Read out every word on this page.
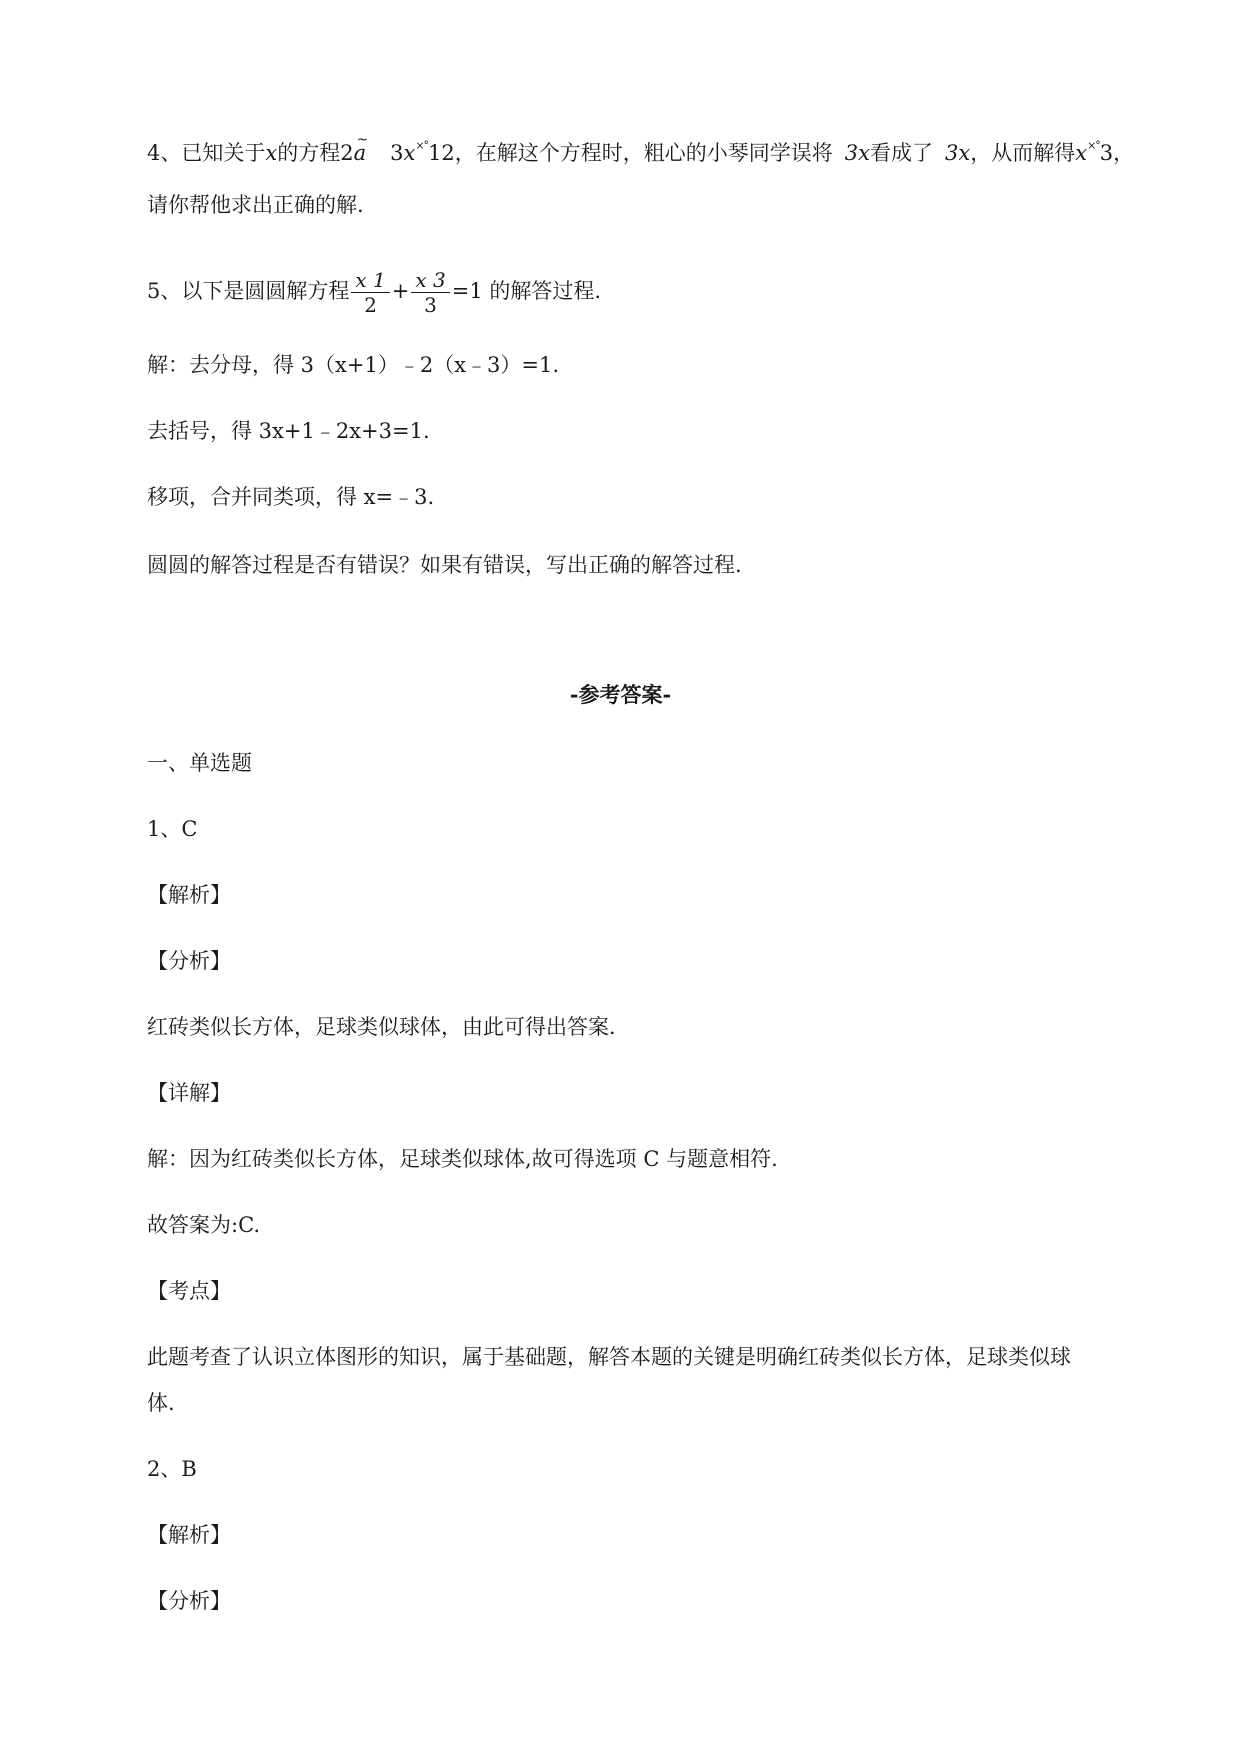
4、已知关于x的方程2~ a 3x×°12，在解这个方程时，粗心的小琴同学误将 3x看成了 3x，从而解得x×°3，
请你帮他求出正确的解.
5、以下是圆圆解方程 $\frac{x 1}{2} + \frac{x 3}{3} =1$ 的解答过程.
解：去分母，得 3（x+1）﹣2（x﹣3）=1.
去括号，得 3x+1﹣2x+3=1.
移项，合并同类项，得 x=﹣3.
圆圆的解答过程是否有错误？如果有错误，写出正确的解答过程.
-参考答案-
一、单选题
1、C
【解析】
【分析】
红砖类似长方体，足球类似球体，由此可得出答案.
【详解】
解：因为红砖类似长方体，足球类似球体,故可得选项 C 与题意相符.
故答案为:C.
【考点】
此题考查了认识立体图形的知识，属于基础题，解答本题的关键是明确红砖类似长方体，足球类似球
体.
2、B
【解析】
【分析】
